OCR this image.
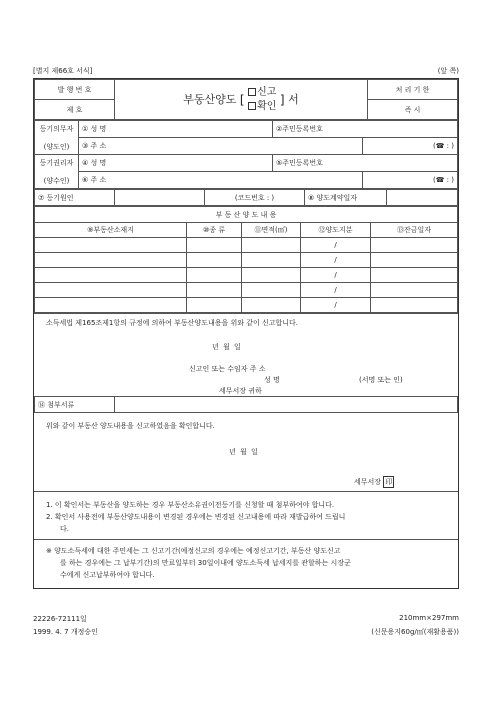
[별지 제66호 서식]	(앞 쪽)
발 행 번 호	부동산양도 [ 신고
확인 ] 서	처 리 기 한
제 호		즉 시
등기의무자

(양도인)	① 성 명	②주민등록번호	
	③ 주 소		(☎ : )
등기권리자

(양수인)	④ 성 명	⑤주민등록번호	
	⑥ 주 소		(☎ : )
⑦ 등기원인		(코드번호 : )	⑧ 양도계약일자	
부 동 산 양 도 내 용				
⑨부동산소재지	⑩종 류	⑪면적(㎡)	⑫양도지분	⑬잔금일자
			/	
			/	
			/	
			/	
			/	
소득세법 제165조제1항의 규정에 의하여 부동산양도내용을 위와 같이 신고합니다.
년 월 일
신고인 또는 수임자 주 소
성 명	(서명 또는 인)
세무서장 귀하
⑭ 첨부서류	
위와 같이 부동산 양도내용을 신고하였음을 확인합니다.
년 월 일
세무서장 印
1. 이 확인서는 부동산을 양도하는 경우 부동산소유권이전등기를 신청할 때 첨부하여야 합니다.
2. 확인서 사용전에 부동산양도내용이 변경된 경우에는 변경된 신고내용에 따라 재발급하여 드립니
다.
※ 양도소득세에 대한 주민세는 그 신고기간(예정신고의 경우에는 예정신고기간, 부동산 양도신고
를 하는 경우에는 그 납부기간)의 만료일부터 30일이내에 양도소득세 납세지를 관할하는 시장군
수에게 신고납부하여야 합니다.
22226-72111일
1999. 4. 7 개정승인
210mm×297mm
(신문용지60g/㎡(재활용품))
